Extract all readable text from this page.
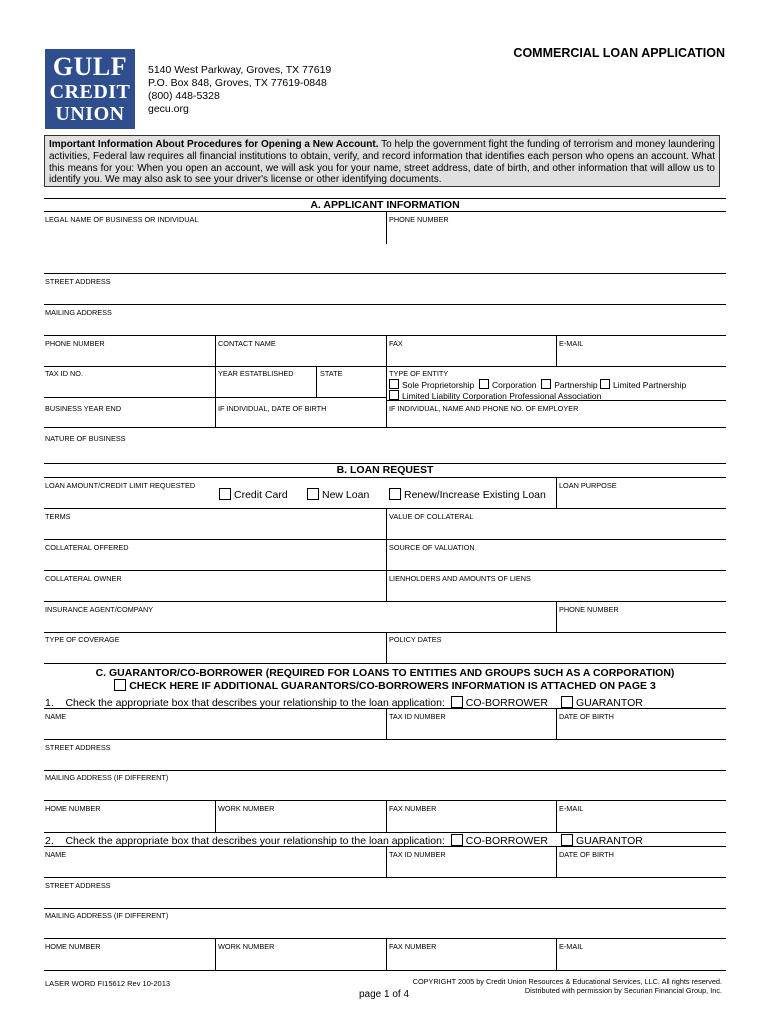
GULF
CREDIT
UNION
5140 West Parkway, Groves, TX 77619
P.O. Box 848, Groves, TX 77619-0848
(800) 448-5328
gecu.org
COMMERCIAL LOAN APPLICATION
Important Information About Procedures for Opening a New Account. To help the government fight the funding of terrorism and money laundering activities, Federal law requires all financial institutions to obtain, verify, and record information that identifies each person who opens an account. What this means for you: When you open an account, we will ask you for your name, street address, date of birth, and other information that will allow us to identify you. We may also ask to see your driver's license or other identifying documents.
A. APPLICANT INFORMATION
LEGAL NAME OF BUSINESS OR INDIVIDUAL	PHONE NUMBER
STREET ADDRESS
MAILING ADDRESS
PHONE NUMBER	CONTACT NAME	FAX	E-MAIL
TAX ID NO.	YEAR ESTATBLISHED	STATE	TYPE OF ENTITY
Sole Proprietorship Corporation Partnership Limited Partnership
Limited Liability Corporation Professional Association
BUSINESS YEAR END	IF INDIVIDUAL, DATE OF BIRTH	IF INDIVIDUAL, NAME AND PHONE NO. OF EMPLOYER
NATURE OF BUSINESS
B. LOAN REQUEST
LOAN AMOUNT/CREDIT LIMIT REQUESTED
Credit Card	New Loan	Renew/Increase Existing Loan
LOAN PURPOSE
TERMS	VALUE OF COLLATERAL
COLLATERAL OFFERED	SOURCE OF VALUATION
COLLATERAL OWNER	LIENHOLDERS AND AMOUNTS OF LIENS
INSURANCE AGENT/COMPANY	PHONE NUMBER
TYPE OF COVERAGE	POLICY DATES
C. GUARANTOR/CO-BORROWER (REQUIRED FOR LOANS TO ENTITIES AND GROUPS SUCH AS A CORPORATION)
CHECK HERE IF ADDITIONAL GUARANTORS/CO-BORROWERS INFORMATION IS ATTACHED ON PAGE 3
1. Check the appropriate box that describes your relationship to the loan application: CO-BORROWER	GUARANTOR
NAME	TAX ID NUMBER	DATE OF BIRTH
STREET ADDRESS
MAILING ADDRESS (IF DIFFERENT)
HOME NUMBER	WORK NUMBER	FAX NUMBER	E-MAIL
2. Check the appropriate box that describes your relationship to the loan application: CO-BORROWER	GUARANTOR
NAME	TAX ID NUMBER	DATE OF BIRTH
STREET ADDRESS
MAILING ADDRESS (IF DIFFERENT)
HOME NUMBER	WORK NUMBER	FAX NUMBER	E-MAIL
LASER WORD FI15612 Rev 10-2013
page 1 of 4
COPYRIGHT 2005 by Credit Union Resources & Educational Services, LLC. All rights reserved.
Distributed with permission by Securian Financial Group, Inc.
